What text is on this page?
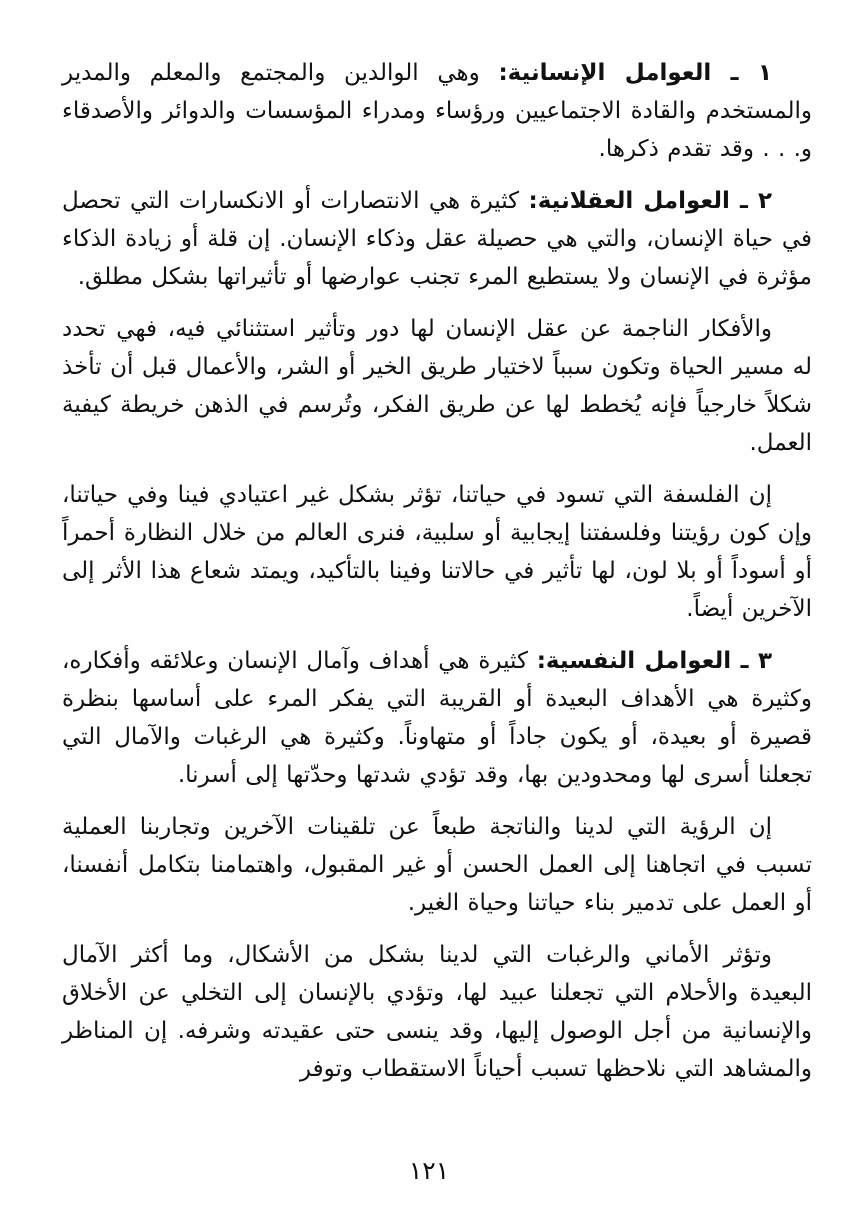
١ ـ العوامل الإنسانية: وهي الوالدين والمجتمع والمعلم والمدير والمستخدم والقادة الاجتماعيين ورؤساء ومدراء المؤسسات والدوائر والأصدقاء و. . . وقد تقدم ذكرها.

٢ ـ العوامل العقلانية: كثيرة هي الانتصارات أو الانكسارات التي تحصل في حياة الإنسان، والتي هي حصيلة عقل وذكاء الإنسان. إن قلة أو زيادة الذكاء مؤثرة في الإنسان ولا يستطيع المرء تجنب عوارضها أو تأثيراتها بشكل مطلق.

والأفكار الناجمة عن عقل الإنسان لها دور وتأثير استثنائي فيه، فهي تحدد له مسير الحياة وتكون سبباً لاختيار طريق الخير أو الشر، والأعمال قبل أن تأخذ شكلاً خارجياً فإنه يُخطط لها عن طريق الفكر، وتُرسم في الذهن خريطة كيفية العمل.

إن الفلسفة التي تسود في حياتنا، تؤثر بشكل غير اعتيادي فينا وفي حياتنا، وإن كون رؤيتنا وفلسفتنا إيجابية أو سلبية، فنرى العالم من خلال النظارة أحمراً أو أسوداً أو بلا لون، لها تأثير في حالاتنا وفينا بالتأكيد، ويمتد شعاع هذا الأثر إلى الآخرين أيضاً.

٣ ـ العوامل النفسية: كثيرة هي أهداف وآمال الإنسان وعلائقه وأفكاره، وكثيرة هي الأهداف البعيدة أو القريبة التي يفكر المرء على أساسها بنظرة قصيرة أو بعيدة، أو يكون جاداً أو متهاوناً. وكثيرة هي الرغبات والآمال التي تجعلنا أسرى لها ومحدودين بها، وقد تؤدي شدتها وحدّتها إلى أسرنا.

إن الرؤية التي لدينا والناتجة طبعاً عن تلقينات الآخرين وتجاربنا العملية تسبب في اتجاهنا إلى العمل الحسن أو غير المقبول، واهتمامنا بتكامل أنفسنا، أو العمل على تدمير بناء حياتنا وحياة الغير.

وتؤثر الأماني والرغبات التي لدينا بشكل من الأشكال، وما أكثر الآمال البعيدة والأحلام التي تجعلنا عبيد لها، وتؤدي بالإنسان إلى التخلي عن الأخلاق والإنسانية من أجل الوصول إليها، وقد ينسى حتى عقيدته وشرفه. إن المناظر والمشاهد التي نلاحظها تسبب أحياناً الاستقطاب وتوفر

١٢١
